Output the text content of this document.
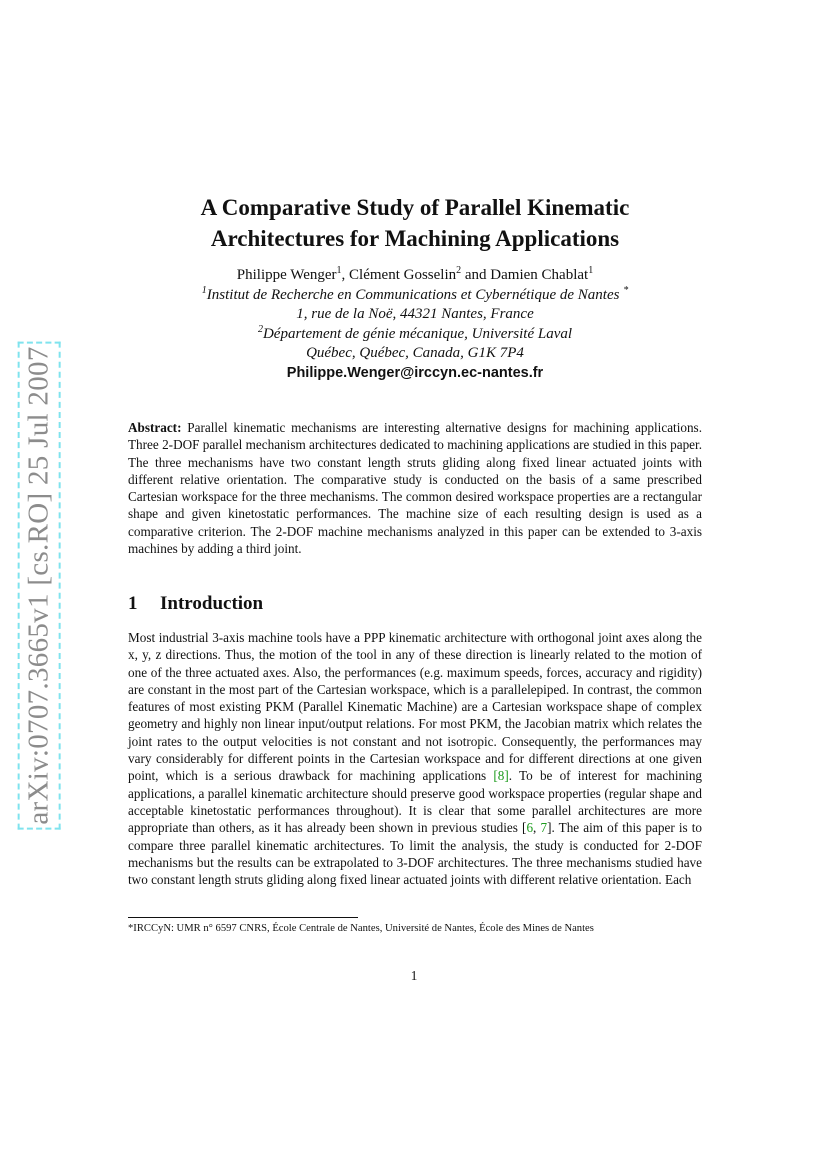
arXiv:0707.3665v1 [cs.RO] 25 Jul 2007
A Comparative Study of Parallel Kinematic
Architectures for Machining Applications
Philippe Wenger$^1$, Clément Gosselin$^2$ and Damien Chablat$^1$
$^1$Institut de Recherche en Communications et Cybernétique de Nantes *
1, rue de la Noë, 44321 Nantes, France
$^2$Département de génie mécanique, Université Laval
Québec, Québec, Canada, G1K 7P4
Philippe.Wenger@irccyn.ec-nantes.fr

Abstract: Parallel kinematic mechanisms are interesting alternative designs for machining applications. Three 2-DOF parallel mechanism architectures dedicated to machining applications are studied in this paper. The three mechanisms have two constant length struts gliding along fixed linear actuated joints with different relative orientation. The comparative study is conducted on the basis of a same prescribed Cartesian workspace for the three mechanisms. The common desired workspace properties are a rectangular shape and given kinetostatic performances. The machine size of each resulting design is used as a comparative criterion. The 2-DOF machine mechanisms analyzed in this paper can be extended to 3-axis machines by adding a third joint.

1 Introduction

Most industrial 3-axis machine tools have a PPP kinematic architecture with orthogonal joint axes along the x, y, z directions. Thus, the motion of the tool in any of these direction is linearly related to the motion of one of the three actuated axes. Also, the performances (e.g. maximum speeds, forces, accuracy and rigidity) are constant in the most part of the Cartesian workspace, which is a parallelepiped. In contrast, the common features of most existing PKM (Parallel Kinematic Machine) are a Cartesian workspace shape of complex geometry and highly non linear input/output relations. For most PKM, the Jacobian matrix which relates the joint rates to the output velocities is not constant and not isotropic. Consequently, the performances may vary considerably for different points in the Cartesian workspace and for different directions at one given point, which is a serious drawback for machining applications [8]. To be of interest for machining applications, a parallel kinematic architecture should preserve good workspace properties (regular shape and acceptable kinetostatic performances throughout). It is clear that some parallel architectures are more appropriate than others, as it has already been shown in previous studies [6, 7]. The aim of this paper is to compare three parallel kinematic architectures. To limit the analysis, the study is conducted for 2-DOF mechanisms but the results can be extrapolated to 3-DOF architectures. The three mechanisms studied have two constant length struts gliding along fixed linear actuated joints with different relative orientation. Each

*IRCCyN: UMR n° 6597 CNRS, École Centrale de Nantes, Université de Nantes, École des Mines de Nantes
1
